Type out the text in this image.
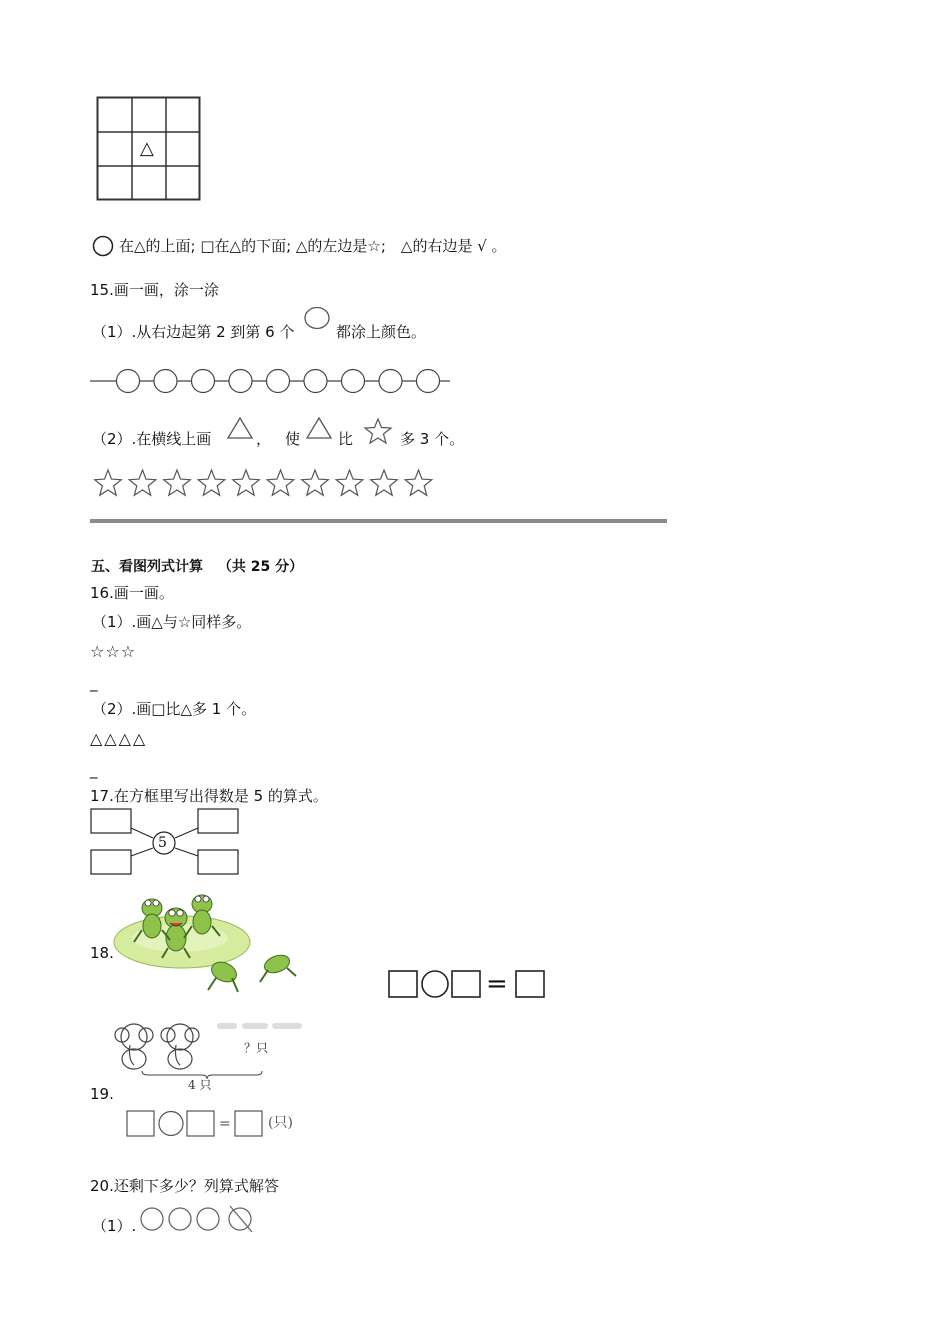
△
在△的上面; □在△的下面; △的左边是☆;　△的右边是 √ 。
15.画一画，涂一涂
（1）.从右边起第 2 到第 6 个	都涂上颜色。
（2）.在横线上画	， 使	比	多 3 个。
五、看图列式计算 （共 25 分）
16.画一画。
（1）.画△与☆同样多。
☆☆☆
_
（2）.画□比△多 1 个。
△△△△
_
17.在方框里写出得数是 5 的算式。
5
18.
=
？只
4 只
19.
=	(只)
20.还剩下多少？列算式解答
（1）.
